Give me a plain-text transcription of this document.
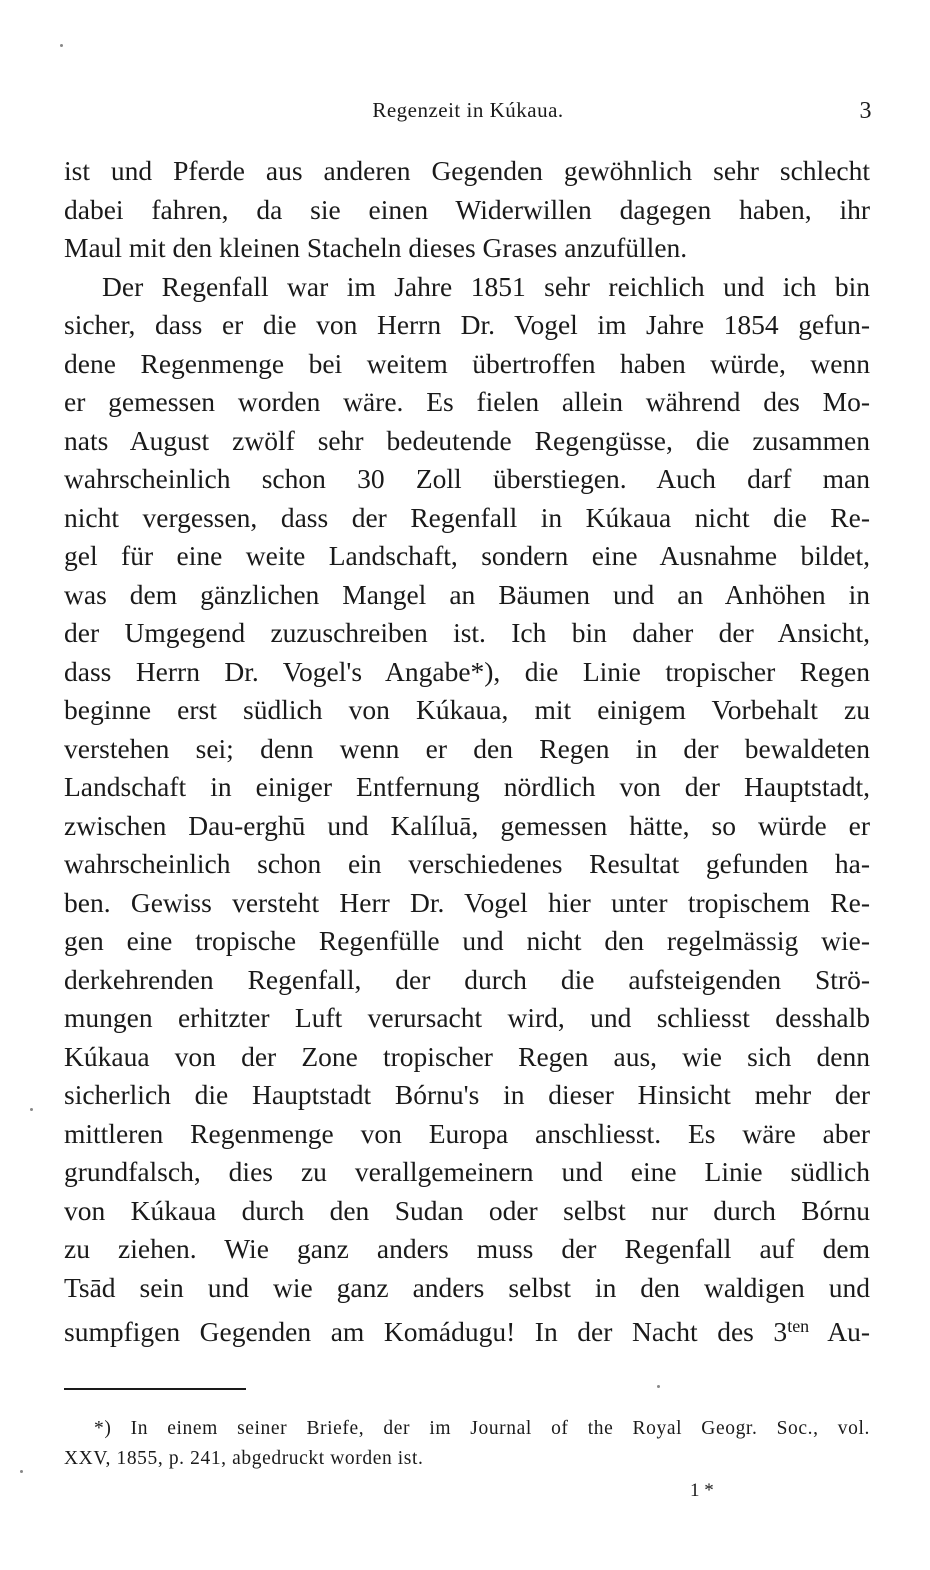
Regenzeit in Kúkaua.	3
ist und Pferde aus anderen Gegenden gewöhnlich sehr schlecht
dabei fahren, da sie einen Widerwillen dagegen haben, ihr
Maul mit den kleinen Stacheln dieses Grases anzufüllen.
Der Regenfall war im Jahre 1851 sehr reichlich und ich bin
sicher, dass er die von Herrn Dr. Vogel im Jahre 1854 gefun-
dene Regenmenge bei weitem übertroffen haben würde, wenn
er gemessen worden wäre. Es fielen allein während des Mo-
nats August zwölf sehr bedeutende Regengüsse, die zusammen
wahrscheinlich schon 30 Zoll überstiegen. Auch darf man
nicht vergessen, dass der Regenfall in Kúkaua nicht die Re-
gel für eine weite Landschaft, sondern eine Ausnahme bildet,
was dem gänzlichen Mangel an Bäumen und an Anhöhen in
der Umgegend zuzuschreiben ist. Ich bin daher der Ansicht,
dass Herrn Dr. Vogel's Angabe*), die Linie tropischer Regen
beginne erst südlich von Kúkaua, mit einigem Vorbehalt zu
verstehen sei; denn wenn er den Regen in der bewaldeten
Landschaft in einiger Entfernung nördlich von der Hauptstadt,
zwischen Dau-erghū und Kalíluā, gemessen hätte, so würde er
wahrscheinlich schon ein verschiedenes Resultat gefunden ha-
ben. Gewiss versteht Herr Dr. Vogel hier unter tropischem Re-
gen eine tropische Regenfülle und nicht den regelmässig wie-
derkehrenden Regenfall, der durch die aufsteigenden Strö-
mungen erhitzter Luft verursacht wird, und schliesst desshalb
Kúkaua von der Zone tropischer Regen aus, wie sich denn
sicherlich die Hauptstadt Bórnu's in dieser Hinsicht mehr der
mittleren Regenmenge von Europa anschliesst. Es wäre aber
grundfalsch, dies zu verallgemeinern und eine Linie südlich
von Kúkaua durch den Sudan oder selbst nur durch Bórnu
zu ziehen. Wie ganz anders muss der Regenfall auf dem
Tsād sein und wie ganz anders selbst in den waldigen und
sumpfigen Gegenden am Komádugu! In der Nacht des $3^{ten}$ Au-
*) In einem seiner Briefe, der im Journal of the Royal Geogr. Soc., vol.
XXV, 1855, p. 241, abgedruckt worden ist.
1 *
